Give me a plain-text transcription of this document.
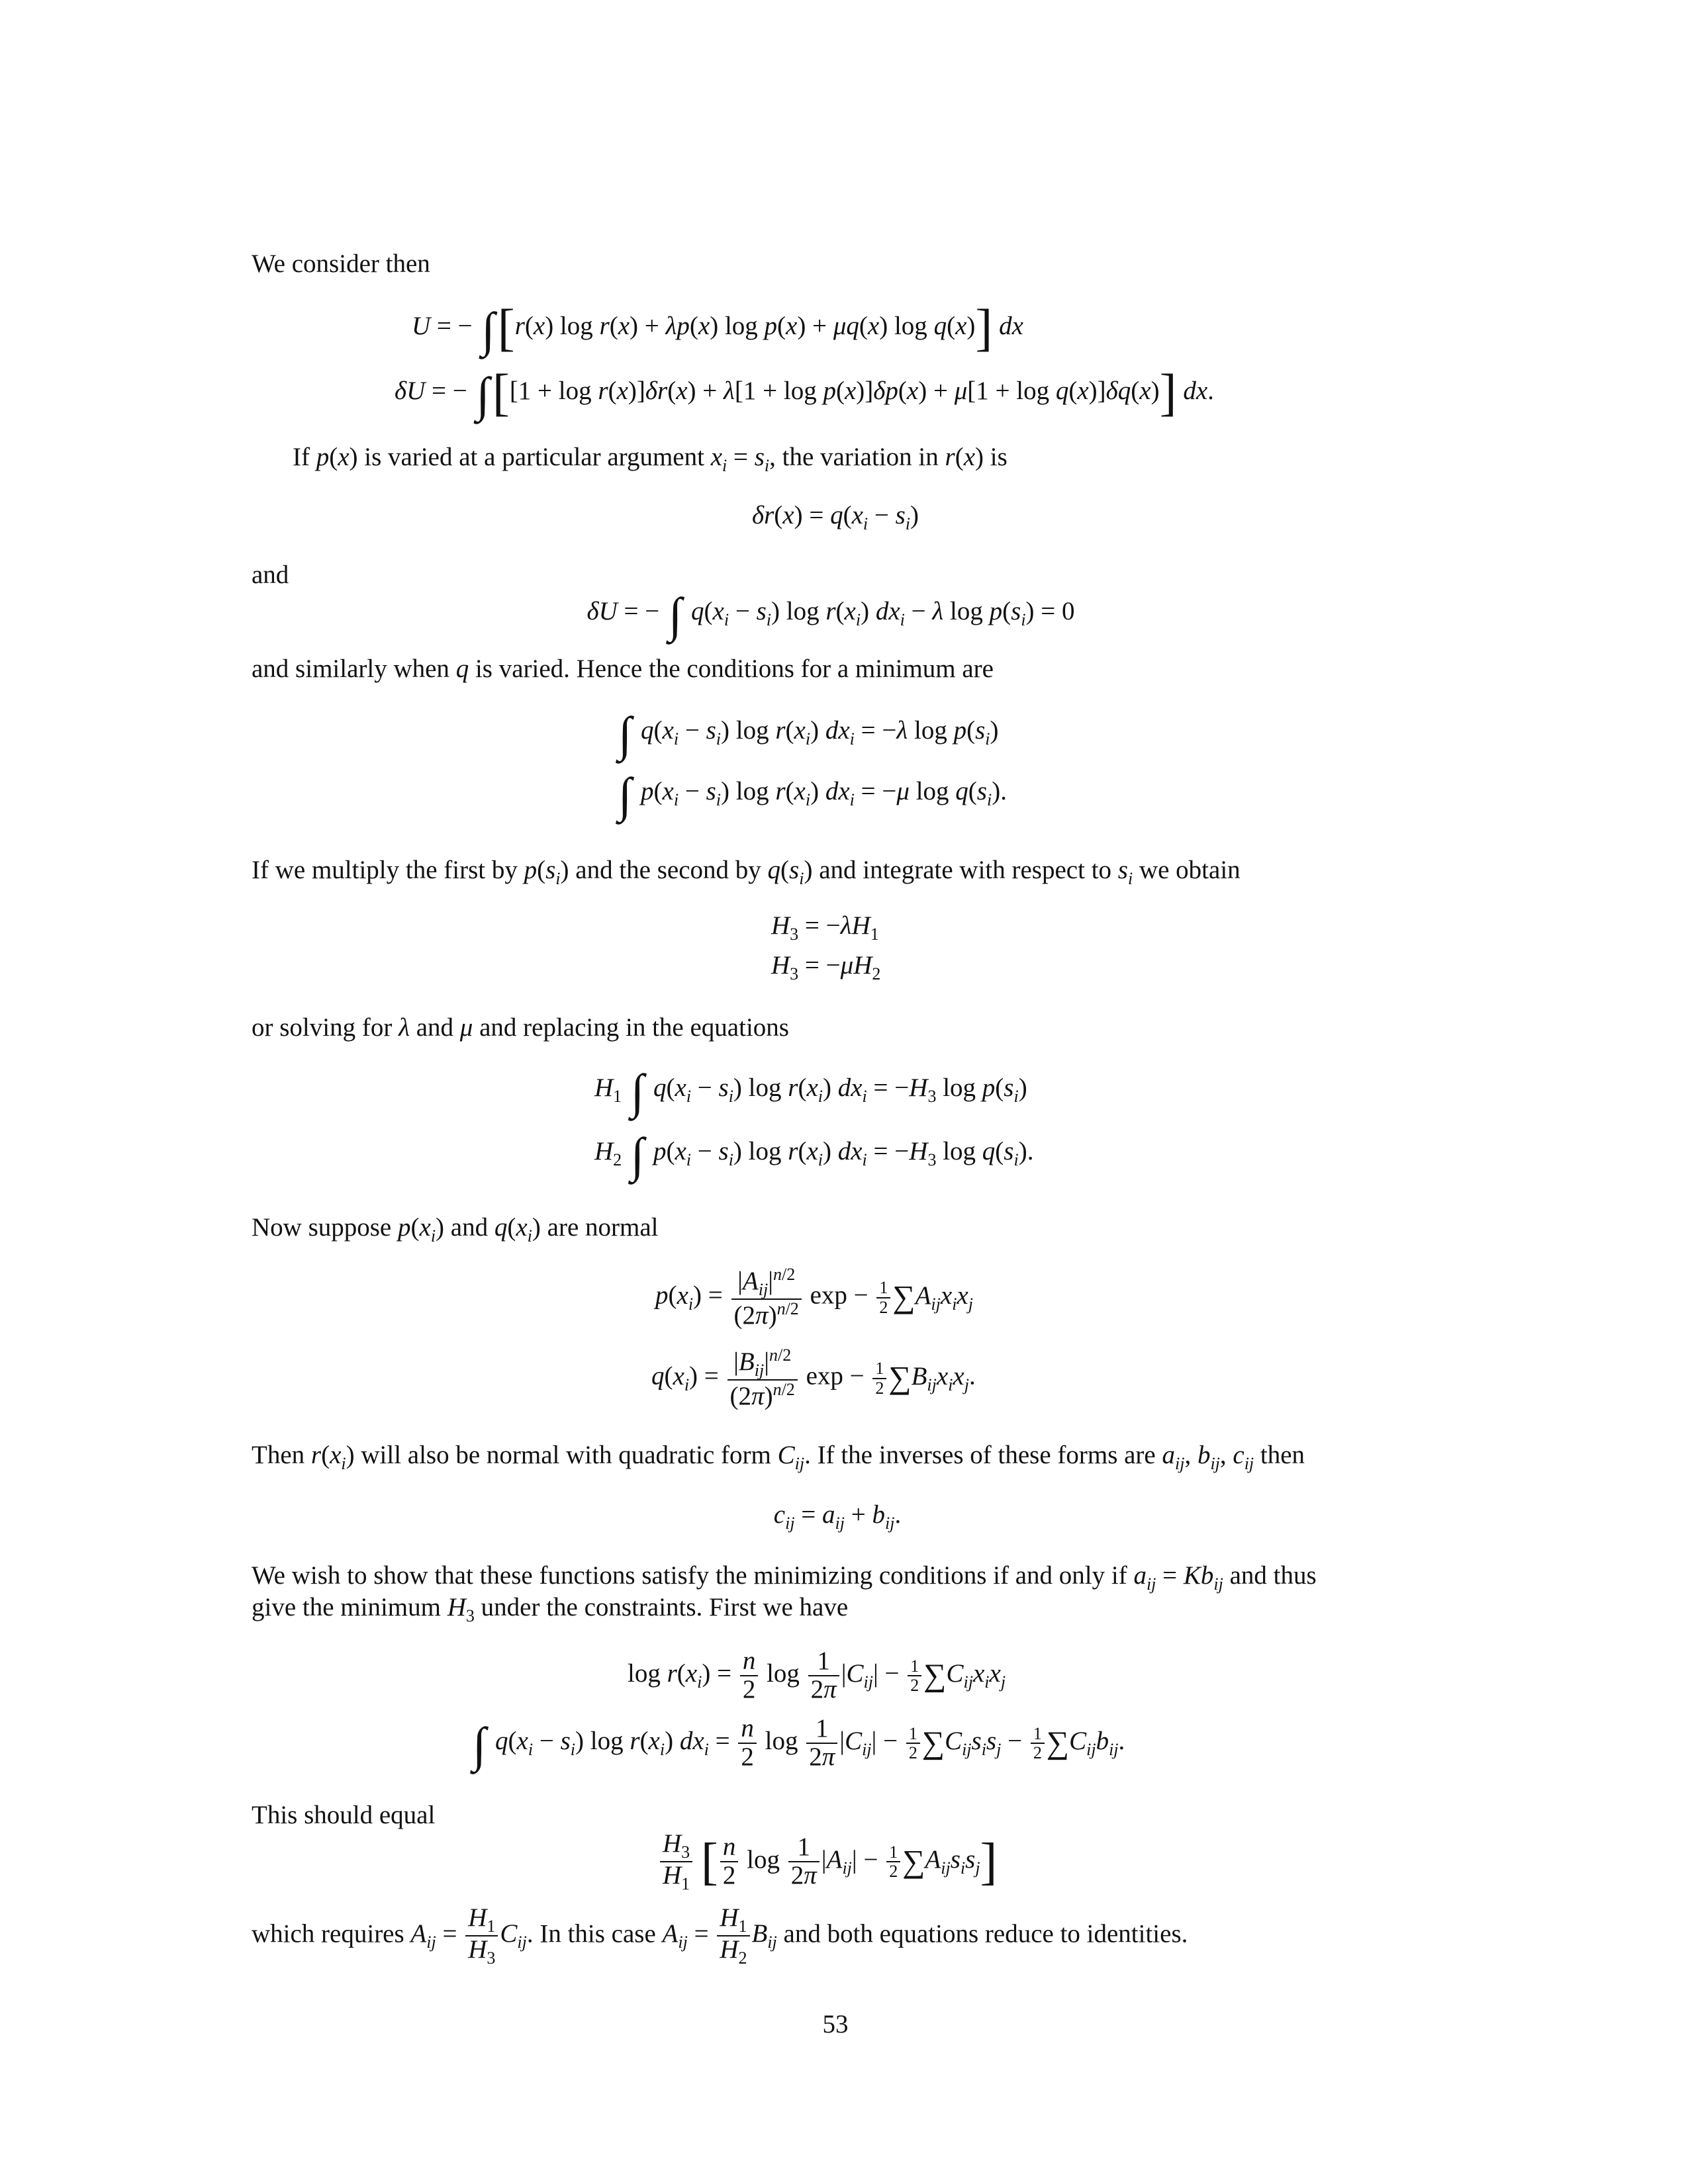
We consider then
U = − ∫[r(x) log r(x) + λp(x) log p(x) + μq(x) log q(x)] dx
δU = − ∫[[1 + log r(x)]δr(x) + λ[1 + log p(x)]δp(x) + μ[1 + log q(x)]δq(x)] dx.
If p(x) is varied at a particular argument $x_i = s_i$, the variation in r(x) is
$\delta r(x) = q(x_i - s_i)$
and
δU = − ∫ $q(x_i - s_i)$ $\log r(x_i) dx_i - \lambda$ $\log p(s_i) = 0$
and similarly when q is varied. Hence the conditions for a minimum are
∫ $q(x_i - s_i)$ $\log r(x_i) dx_i = -\lambda$ $\log p(s_i)$
∫ $p(x_i - s_i)$ $\log r(x_i) dx_i = -\mu$ $\log q(s_i)$.
If we multiply the first by $p(s_i)$ and the second by $q(s_i)$ and integrate with respect to $s_i$ we obtain
$H_3 = -\lambda H_1$
$H_3 = -\mu H_2$
or solving for λ and μ and replacing in the equations
$H_1$ ∫ $q(x_i - s_i)$ $\log r(x_i) dx_i = -H_3$ $\log p(s_i)$
$H_2$ ∫ $p(x_i - s_i)$ $\log r(x_i) dx_i = -H_3$ $\log q(s_i)$.
Now suppose $p(x_i)$ and $q(x_i)$ are normal
$p(x_i) = \frac{|A_{ij}|^{n/2}}{(2\pi)^{n/2}}$ $\exp - \frac{1}{2} \sum A_{ij}x_ix_j$
$q(x_i) = \frac{|B_{ij}|^{n/2}}{(2\pi)^{n/2}}$ $\exp - \frac{1}{2} \sum B_{ij}x_ix_j$.
Then $r(x_i)$ will also be normal with quadratic form $C_{ij}$. If the inverses of these forms are $a_{ij}$, $b_{ij}$, $c_{ij}$ then
$c_{ij} = a_{ij} + b_{ij}$.
We wish to show that these functions satisfy the minimizing conditions if and only if $a_{ij} = Kb_{ij}$ and thus
give the minimum $H_3$ under the constraints. First we have
$\log r(x_i) = \frac{n}{2}$ $\log \frac{1}{2\pi} |C_{ij}| - \frac{1}{2} \sum C_{ij}x_ix_j$
∫ $q(x_i - s_i)$ $\log r(x_i) dx_i = \frac{n}{2}$ $\log \frac{1}{2\pi} |C_{ij}| - \frac{1}{2} \sum C_{ij}s_is_j - \frac{1}{2} \sum C_{ij}b_{ij}$.
This should equal
$\frac{H_3}{H_1}$ [ $\frac{n}{2}$ $\log \frac{1}{2\pi} |A_{ij}| - \frac{1}{2} \sum A_{ij}s_is_j$]
which requires $A_{ij} = \frac{H_1}{H_3} C_{ij}$. In this case $A_{ij} = \frac{H_1}{H_2} B_{ij}$ and both equations reduce to identities.
53
